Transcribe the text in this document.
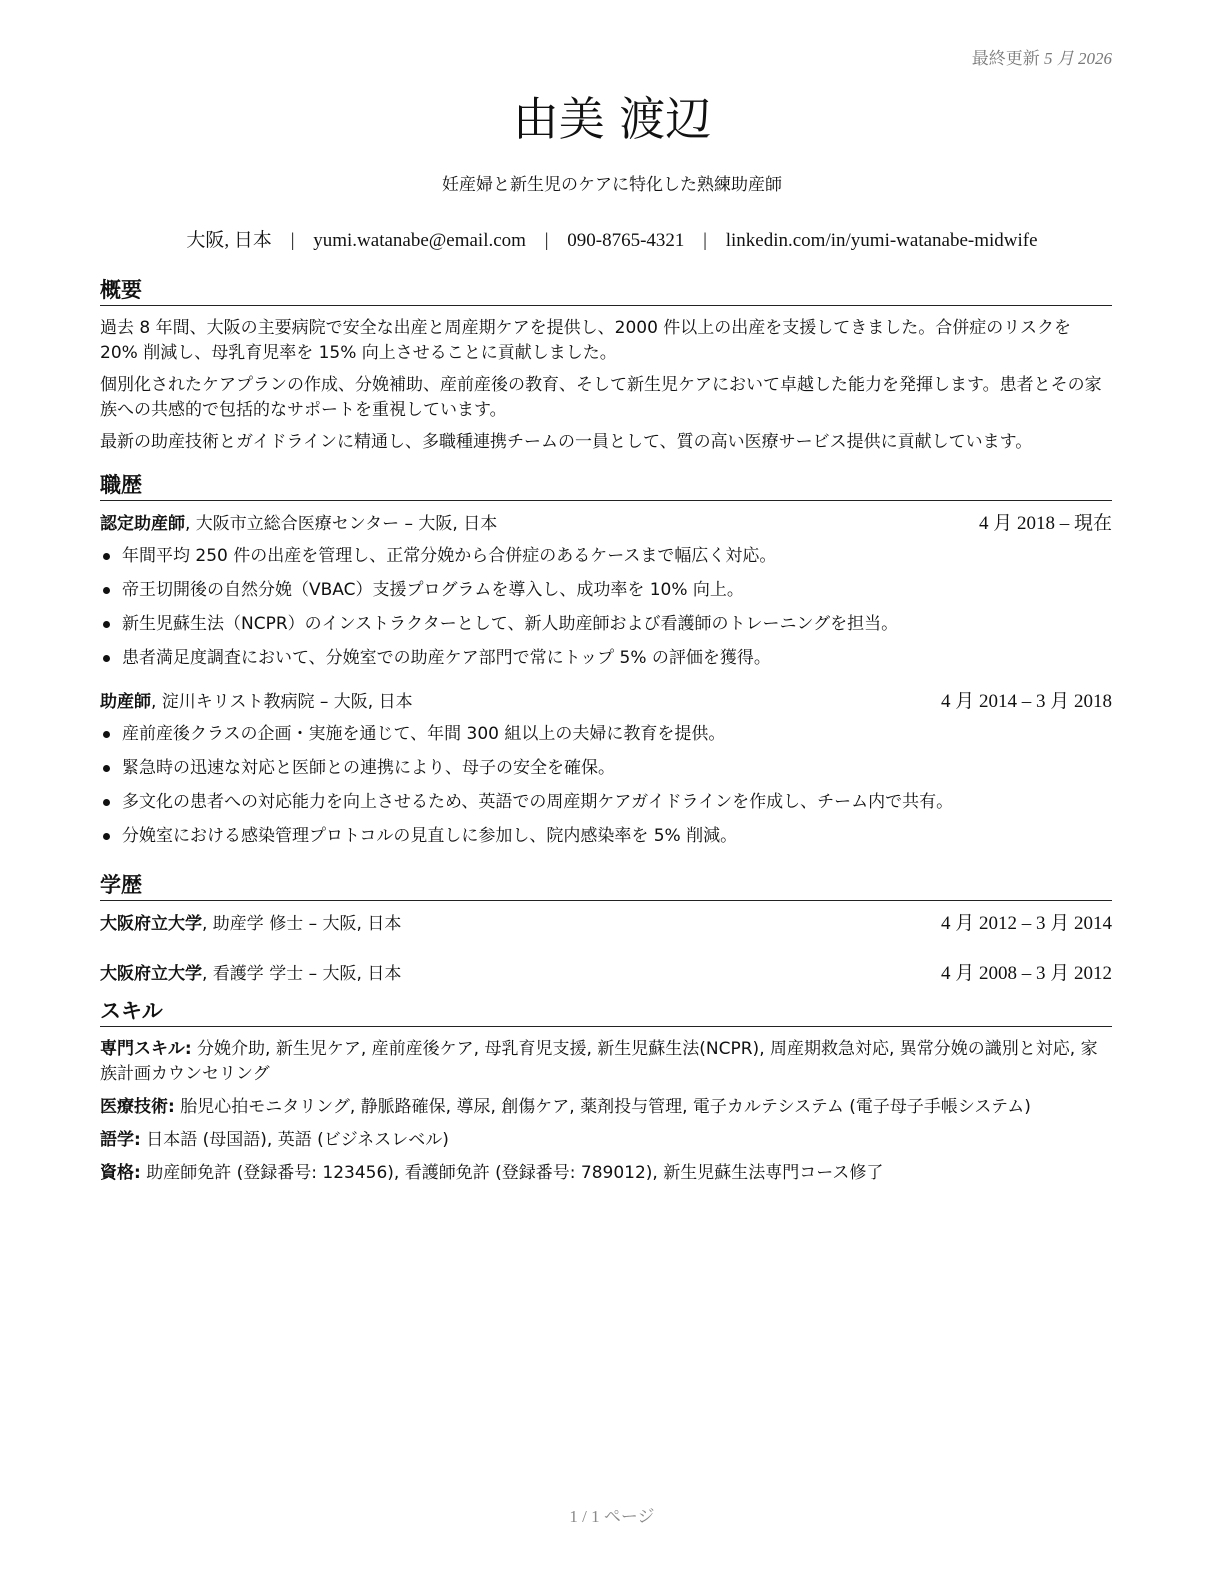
最終更新 5 月 2026
由美 渡辺
妊産婦と新生児のケアに特化した熟練助産師
大阪, 日本 | yumi.watanabe@email.com | 090-8765-4321 | linkedin.com/in/yumi-watanabe-midwife
概要

過去 8 年間、大阪の主要病院で安全な出産と周産期ケアを提供し、2000 件以上の出産を支援してきました。合併症のリスクを 20% 削減し、母乳育児率を 15% 向上させることに貢献しました。

個別化されたケアプランの作成、分娩補助、産前産後の教育、そして新生児ケアにおいて卓越した能力を発揮します。患者とその家族への共感的で包括的なサポートを重視しています。

最新の助産技術とガイドラインに精通し、多職種連携チームの一員として、質の高い医療サービス提供に貢献しています。

職歴
認定助産師, 大阪市立総合医療センター – 大阪, 日本	4 月 2018 – 現在
年間平均 250 件の出産を管理し、正常分娩から合併症のあるケースまで幅広く対応。
帝王切開後の自然分娩（VBAC）支援プログラムを導入し、成功率を 10% 向上。
新生児蘇生法（NCPR）のインストラクターとして、新人助産師および看護師のトレーニングを担当。
患者満足度調査において、分娩室での助産ケア部門で常にトップ 5% の評価を獲得。
助産師, 淀川キリスト教病院 – 大阪, 日本	4 月 2014 – 3 月 2018
産前産後クラスの企画・実施を通じて、年間 300 組以上の夫婦に教育を提供。
緊急時の迅速な対応と医師との連携により、母子の安全を確保。
多文化の患者への対応能力を向上させるため、英語での周産期ケアガイドラインを作成し、チーム内で共有。
分娩室における感染管理プロトコルの見直しに参加し、院内感染率を 5% 削減。
学歴
大阪府立大学, 助産学 修士 – 大阪, 日本	4 月 2012 – 3 月 2014
大阪府立大学, 看護学 学士 – 大阪, 日本	4 月 2008 – 3 月 2012
スキル
専門スキル: 分娩介助, 新生児ケア, 産前産後ケア, 母乳育児支援, 新生児蘇生法(NCPR), 周産期救急対応, 異常分娩の識別と対応, 家族計画カウンセリング
医療技術: 胎児心拍モニタリング, 静脈路確保, 導尿, 創傷ケア, 薬剤投与管理, 電子カルテシステム (電子母子手帳システム)
語学: 日本語 (母国語), 英語 (ビジネスレベル)
資格: 助産師免許 (登録番号: 123456), 看護師免許 (登録番号: 789012), 新生児蘇生法専門コース修了
1 / 1 ページ
